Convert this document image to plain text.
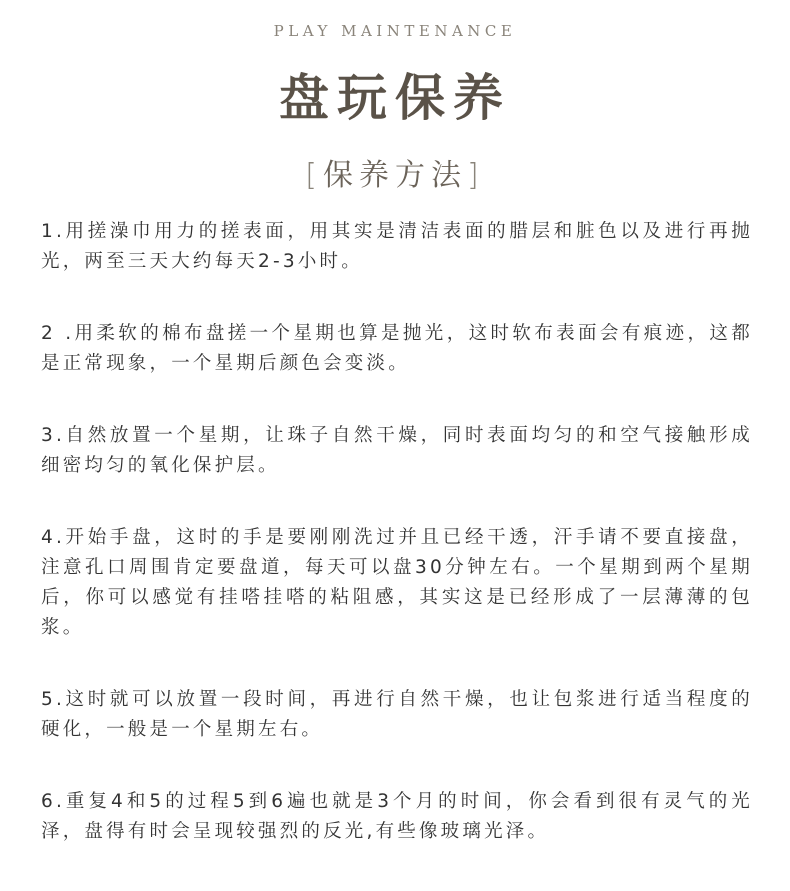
PLAY MAINTENANCE
盘玩保养
[保养方法]

1.用搓澡巾用力的搓表面，用其实是清洁表面的腊层和脏色以及进行再抛光，两至三天大约每天2-3小时。

2 .用柔软的棉布盘搓一个星期也算是抛光，这时软布表面会有痕迹，这都是正常现象，一个星期后颜色会变淡。

3.自然放置一个星期，让珠子自然干燥，同时表面均匀的和空气接触形成细密均匀的氧化保护层。

4.开始手盘，这时的手是要刚刚洗过并且已经干透，汗手请不要直接盘，注意孔口周围肯定要盘道，每天可以盘30分钟左右。一个星期到两个星期后，你可以感觉有挂嗒挂嗒的粘阻感，其实这是已经形成了一层薄薄的包浆。

5.这时就可以放置一段时间，再进行自然干燥，也让包浆进行适当程度的硬化，一般是一个星期左右。

6.重复4和5的过程5到6遍也就是3个月的时间，你会看到很有灵气的光泽，盘得有时会呈现较强烈的反光,有些像玻璃光泽。
